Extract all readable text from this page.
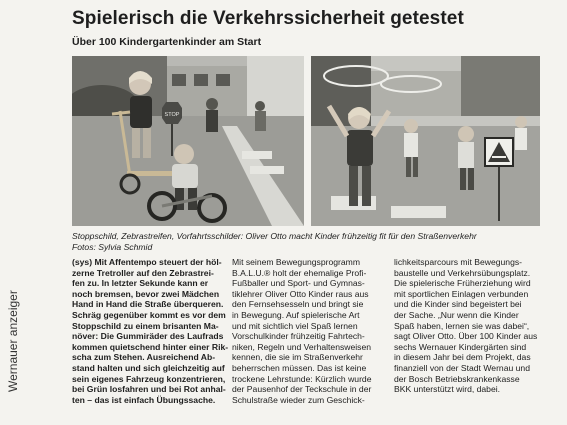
Spielerisch die Verkehrssicherheit getestet
Über 100 Kindergartenkinder am Start
STOP
Stoppschild, Zebrastreifen, Vorfahrtsschilder: Oliver Otto macht Kinder frühzeitig fit für den Straßenverkehr
Fotos: Sylvia Schmid
(sys) Mit Affentempo steuert der höl-
zerne Tretroller auf den Zebrastrei-
fen zu. In letzter Sekunde kann er
noch bremsen, bevor zwei Mädchen
Hand in Hand die Straße überqueren.
Schräg gegenüber kommt es vor dem
Stoppschild zu einem brisanten Ma-
növer: Die Gummiräder des Laufrads
kommen quietschend hinter einer Rik-
scha zum Stehen. Ausreichend Ab-
stand halten und sich gleichzeitig auf
sein eigenes Fahrzeug konzentrieren,
bei Grün losfahren und bei Rot anhal-
ten – das ist einfach Übungssache.
Mit seinem Bewegungsprogramm
B.A.L.U.® holt der ehemalige Profi-
Fußballer und Sport- und Gymnas-
tiklehrer Oliver Otto Kinder raus aus
den Fernsehsesseln und bringt sie
in Bewegung. Auf spielerische Art
und mit sichtlich viel Spaß lernen
Vorschulkinder frühzeitig Fahrtech-
niken, Regeln und Verhaltensweisen
kennen, die sie im Straßenverkehr
beherrschen müssen. Das ist keine
trockene Lehrstunde: Kürzlich wurde
der Pausenhof der Teckschule in der
Schulstraße wieder zum Geschick-
lichkeitsparcours mit Bewegungs-
baustelle und Verkehrsübungsplatz.
Die spielerische Früherziehung wird
mit sportlichen Einlagen verbunden
und die Kinder sind begeistert bei
der Sache. „Nur wenn die Kinder
Spaß haben, lernen sie was dabei“,
sagt Oliver Otto. Über 100 Kinder aus
sechs Wernauer Kindergärten sind
in diesem Jahr bei dem Projekt, das
finanziell von der Stadt Wernau und
der Bosch Betriebskrankenkasse
BKK unterstützt wird, dabei.
Wernauer anzeiger
